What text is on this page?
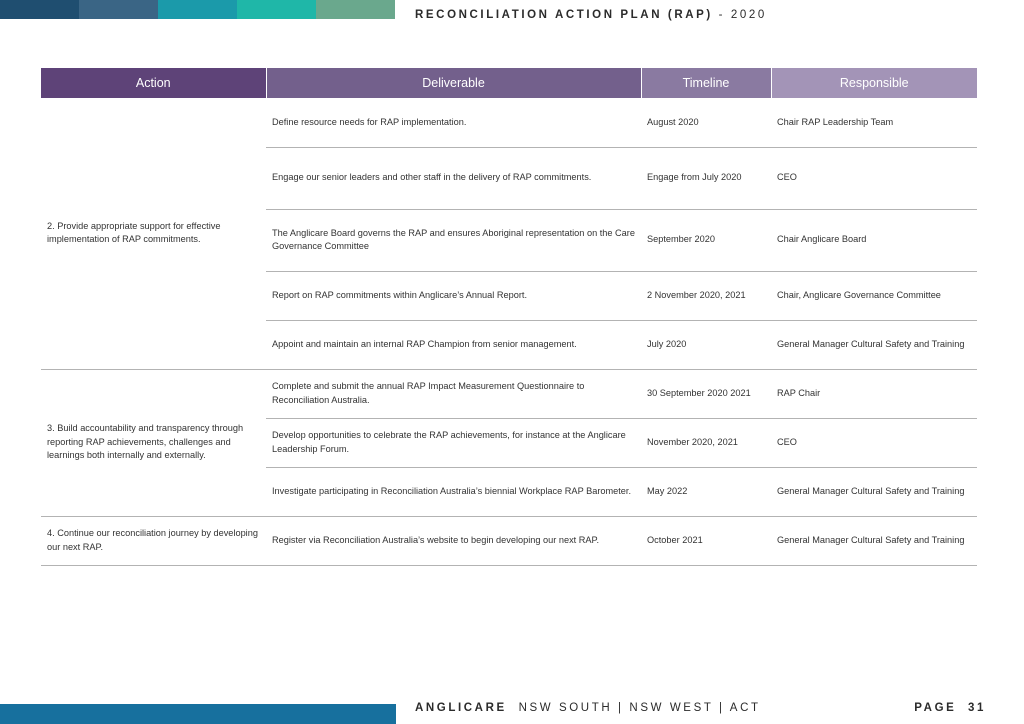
RECONCILIATION ACTION PLAN (RAP) - 2020
Action	Deliverable	Timeline	Responsible
2. Provide appropriate support for effective implementation of RAP commitments.	Define resource needs for RAP implementation.	August 2020	Chair RAP Leadership Team
	Engage our senior leaders and other staff in the delivery of RAP commitments.	Engage from July 2020	CEO
	The Anglicare Board governs the RAP and ensures Aboriginal representation on the Care Governance Committee	September 2020	Chair Anglicare Board
	Report on RAP commitments within Anglicare’s Annual Report.	2 November 2020, 2021	Chair, Anglicare Governance Committee
	Appoint and maintain an internal RAP Champion from senior management.	July 2020	General Manager Cultural Safety and Training
3. Build accountability and transparency through reporting RAP achievements, challenges and learnings both internally and externally.	Complete and submit the annual RAP Impact Measurement Questionnaire to Reconciliation Australia.	30 September 2020 2021	RAP Chair
	Develop opportunities to celebrate the RAP achievements, for instance at the Anglicare Leadership Forum.	November 2020, 2021	CEO
	Investigate participating in Reconciliation Australia’s biennial Workplace RAP Barometer.	May 2022	General Manager Cultural Safety and Training
4. Continue our reconciliation journey by developing our next RAP.	Register via Reconciliation Australia’s website to begin developing our next RAP.	October 2021	General Manager Cultural Safety and Training
ANGLICARE NSW SOUTH | NSW WEST | ACT	PAGE 31
